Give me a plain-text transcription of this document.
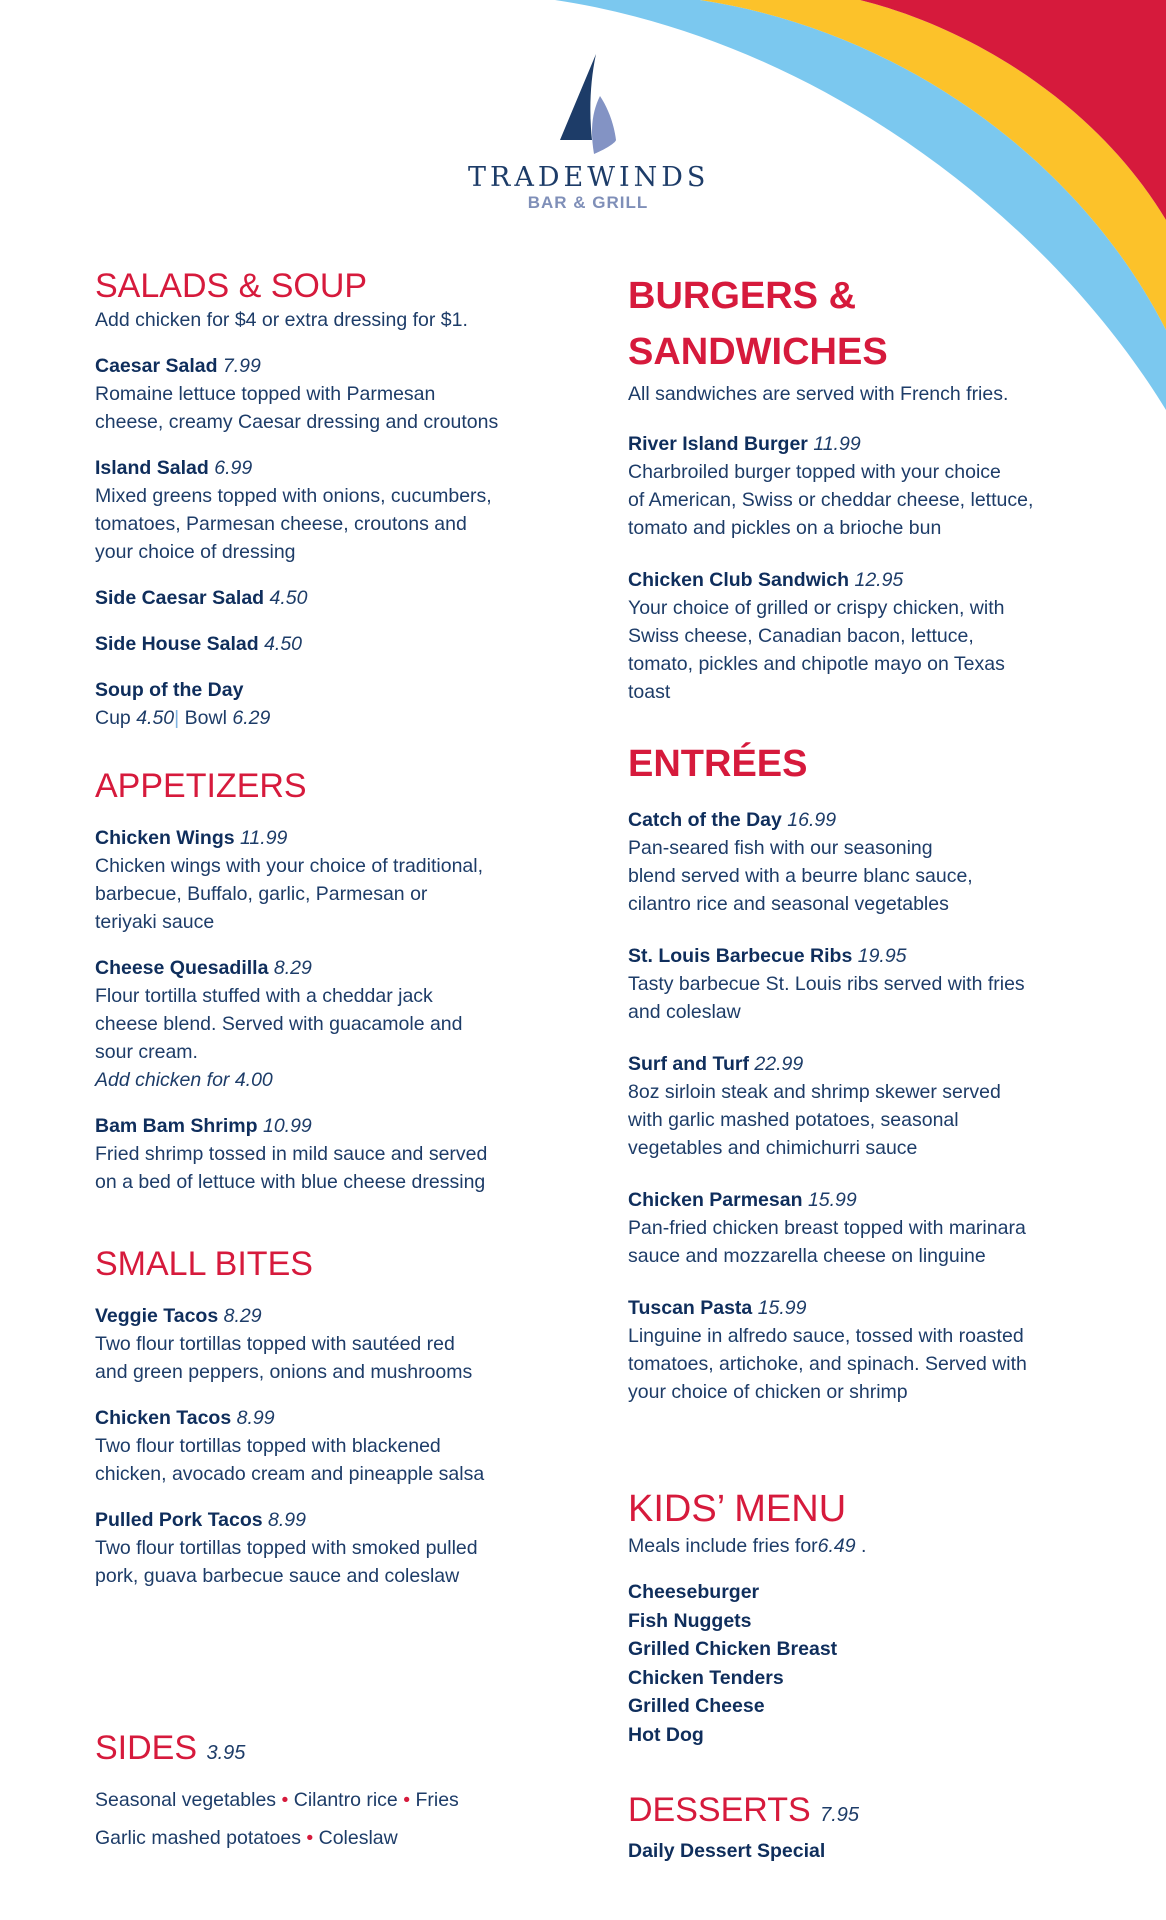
TRADEWINDS
BAR & GRILL
SALADS & SOUP
Add chicken for $4 or extra dressing for $1.
Caesar Salad 7.99
Romaine lettuce topped with Parmesan
cheese, creamy Caesar dressing and croutons
Island Salad 6.99
Mixed greens topped with onions, cucumbers,
tomatoes, Parmesan cheese, croutons and
your choice of dressing
Side Caesar Salad 4.50
Side House Salad 4.50
Soup of the Day
Cup 4.50| Bowl 6.29
APPETIZERS
Chicken Wings 11.99
Chicken wings with your choice of traditional,
barbecue, Buffalo, garlic, Parmesan or
teriyaki sauce
Cheese Quesadilla 8.29
Flour tortilla stuffed with a cheddar jack
cheese blend. Served with guacamole and
sour cream.
Add chicken for 4.00
Bam Bam Shrimp 10.99
Fried shrimp tossed in mild sauce and served
on a bed of lettuce with blue cheese dressing
SMALL BITES
Veggie Tacos 8.29
Two flour tortillas topped with sautéed red
and green peppers, onions and mushrooms
Chicken Tacos 8.99
Two flour tortillas topped with blackened
chicken, avocado cream and pineapple salsa
Pulled Pork Tacos 8.99
Two flour tortillas topped with smoked pulled
pork, guava barbecue sauce and coleslaw
SIDES 3.95
Seasonal vegetables • Cilantro rice • Fries
Garlic mashed potatoes • Coleslaw
BURGERS &
SANDWICHES
All sandwiches are served with French fries.
River Island Burger 11.99
Charbroiled burger topped with your choice
of American, Swiss or cheddar cheese, lettuce,
tomato and pickles on a brioche bun
Chicken Club Sandwich 12.95
Your choice of grilled or crispy chicken, with
Swiss cheese, Canadian bacon, lettuce,
tomato, pickles and chipotle mayo on Texas
toast
ENTRÉES
Catch of the Day 16.99
Pan-seared fish with our seasoning
blend served with a beurre blanc sauce,
cilantro rice and seasonal vegetables
St. Louis Barbecue Ribs 19.95
Tasty barbecue St. Louis ribs served with fries
and coleslaw
Surf and Turf 22.99
8oz sirloin steak and shrimp skewer served
with garlic mashed potatoes, seasonal
vegetables and chimichurri sauce
Chicken Parmesan 15.99
Pan-fried chicken breast topped with marinara
sauce and mozzarella cheese on linguine
Tuscan Pasta 15.99
Linguine in alfredo sauce, tossed with roasted
tomatoes, artichoke, and spinach. Served with
your choice of chicken or shrimp
KIDS’ MENU
Meals include fries for6.49 .
Cheeseburger
Fish Nuggets
Grilled Chicken Breast
Chicken Tenders
Grilled Cheese
Hot Dog
DESSERTS 7.95
Daily Dessert Special
